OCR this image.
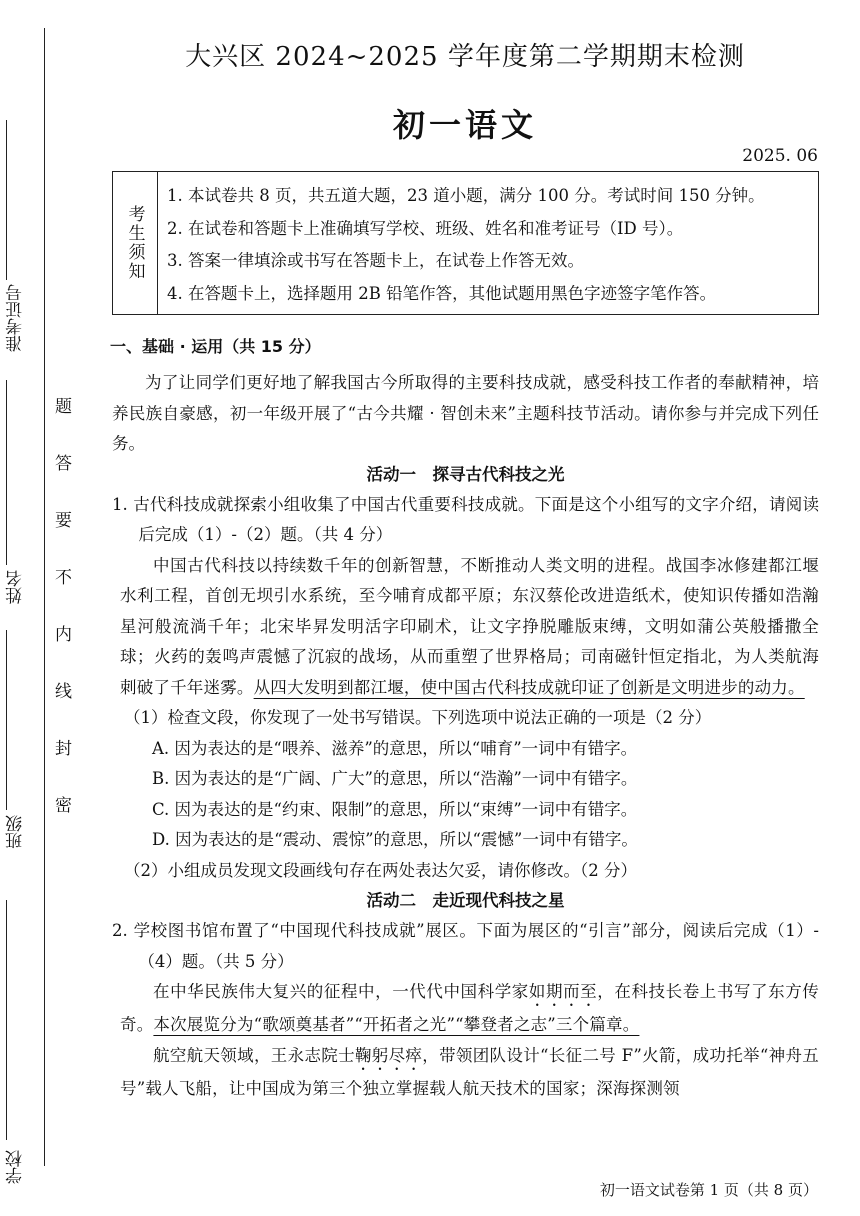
准考证号
姓名
班级
学校
题
答
要
不
内
线
封
密
大兴区 2024~2025 学年度第二学期期末检测
初一语文
2025. 06
考生须知
1. 本试卷共 8 页，共五道大题，23 道小题，满分 100 分。考试时间 150 分钟。
2. 在试卷和答题卡上准确填写学校、班级、姓名和准考证号（ID 号）。
3. 答案一律填涂或书写在答题卡上，在试卷上作答无效。
4. 在答题卡上，选择题用 2B 铅笔作答，其他试题用黑色字迹签字笔作答。

一、基础 · 运用（共 15 分）

为了让同学们更好地了解我国古今所取得的主要科技成就，感受科技工作者的奉献精神，培养民族自豪感，初一年级开展了“古今共耀 · 智创未来”主题科技节活动。请你参与并完成下列任务。

活动一　探寻古代科技之光

1. 古代科技成就探索小组收集了中国古代重要科技成就。下面是这个小组写的文字介绍，请阅读后完成（1）-（2）题。（共 4 分）

中国古代科技以持续数千年的创新智慧，不断推动人类文明的进程。战国李冰修建都江堰水利工程，首创无坝引水系统，至今哺育成都平原；东汉蔡伦改进造纸术，使知识传播如浩瀚星河般流淌千年；北宋毕昇发明活字印刷术，让文字挣脱雕版束缚，文明如蒲公英般播撒全球；火药的轰鸣声震憾了沉寂的战场，从而重塑了世界格局；司南磁针恒定指北，为人类航海刺破了千年迷雾。从四大发明到都江堰，使中国古代科技成就印证了创新是文明进步的动力。

（1）检查文段，你发现了一处书写错误。下列选项中说法正确的一项是（2 分）

A. 因为表达的是“喂养、滋养”的意思，所以“哺育”一词中有错字。

B. 因为表达的是“广阔、广大”的意思，所以“浩瀚”一词中有错字。

C. 因为表达的是“约束、限制”的意思，所以“束缚”一词中有错字。

D. 因为表达的是“震动、震惊”的意思，所以“震憾”一词中有错字。

（2）小组成员发现文段画线句存在两处表达欠妥，请你修改。（2 分）

活动二　走近现代科技之星

2. 学校图书馆布置了“中国现代科技成就”展区。下面为展区的“引言”部分，阅读后完成（1）-（4）题。（共 5 分）

在中华民族伟大复兴的征程中，一代代中国科学家如期而至，在科技长卷上书写了东方传奇。本次展览分为“歌颂奠基者”“开拓者之光”“攀登者之志”三个篇章。

航空航天领域，王永志院士鞠躬尽瘁，带领团队设计“长征二号 F”火箭，成功托举“神舟五号”载人飞船，让中国成为第三个独立掌握载人航天技术的国家；深海探测领

初一语文试卷第 1 页（共 8 页）
